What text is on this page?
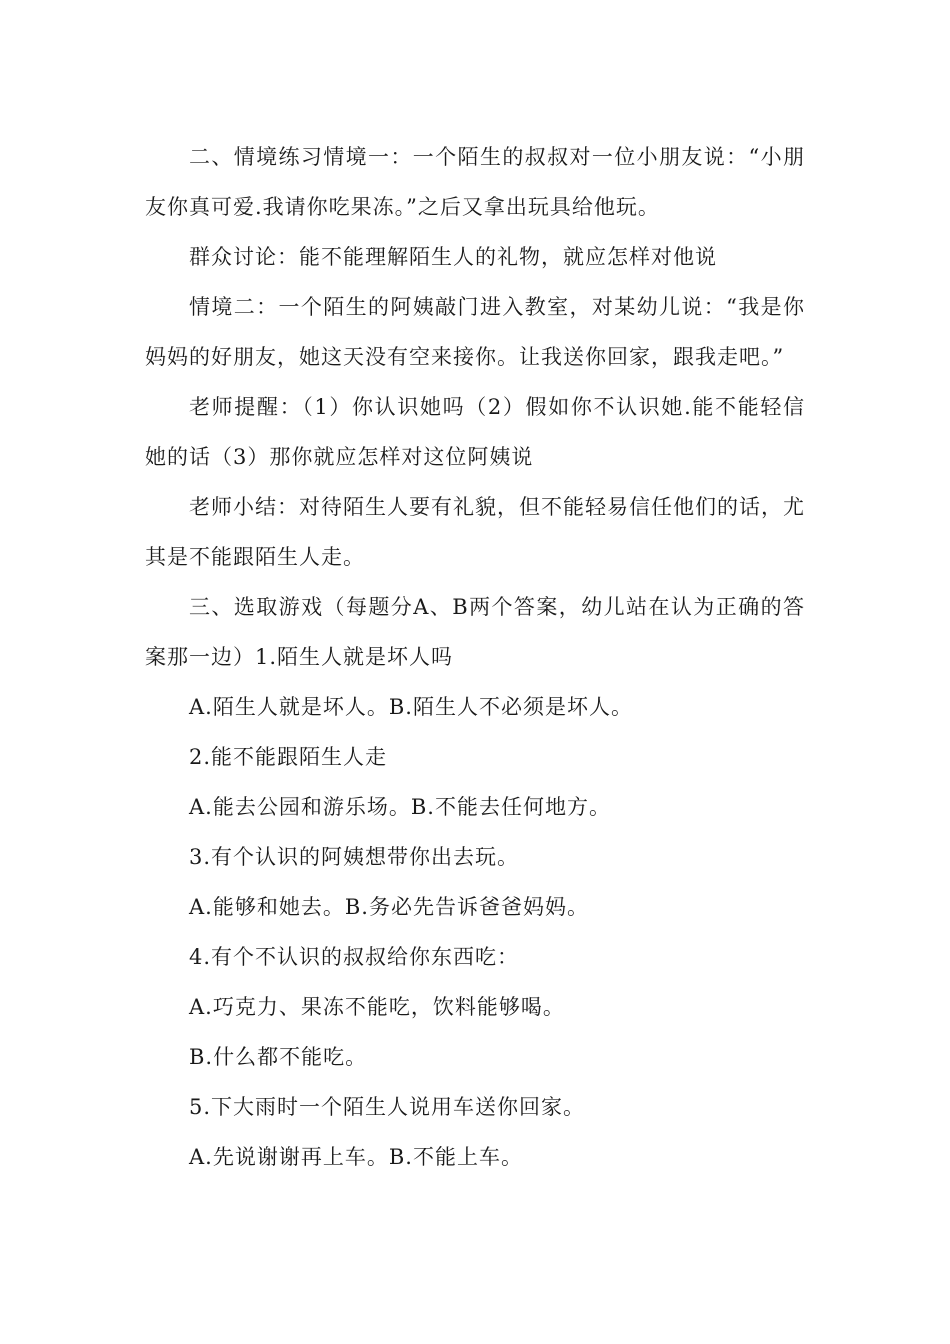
二、情境练习情境一：一个陌生的叔叔对一位小朋友说：“小朋友你真可爱.我请你吃果冻。”之后又拿出玩具给他玩。

群众讨论：能不能理解陌生人的礼物，就应怎样对他说

情境二：一个陌生的阿姨敲门进入教室，对某幼儿说：“我是你妈妈的好朋友，她这天没有空来接你。让我送你回家，跟我走吧。”

老师提醒：（1）你认识她吗（2）假如你不认识她.能不能轻信她的话（3）那你就应怎样对这位阿姨说

老师小结：对待陌生人要有礼貌，但不能轻易信任他们的话，尤其是不能跟陌生人走。

三、选取游戏（每题分A、B两个答案，幼儿站在认为正确的答案那一边）1.陌生人就是坏人吗

A.陌生人就是坏人。B.陌生人不必须是坏人。

2.能不能跟陌生人走

A.能去公园和游乐场。B.不能去任何地方。

3.有个认识的阿姨想带你出去玩。

A.能够和她去。B.务必先告诉爸爸妈妈。

4.有个不认识的叔叔给你东西吃：

A.巧克力、果冻不能吃，饮料能够喝。

B.什么都不能吃。

5.下大雨时一个陌生人说用车送你回家。

A.先说谢谢再上车。B.不能上车。
